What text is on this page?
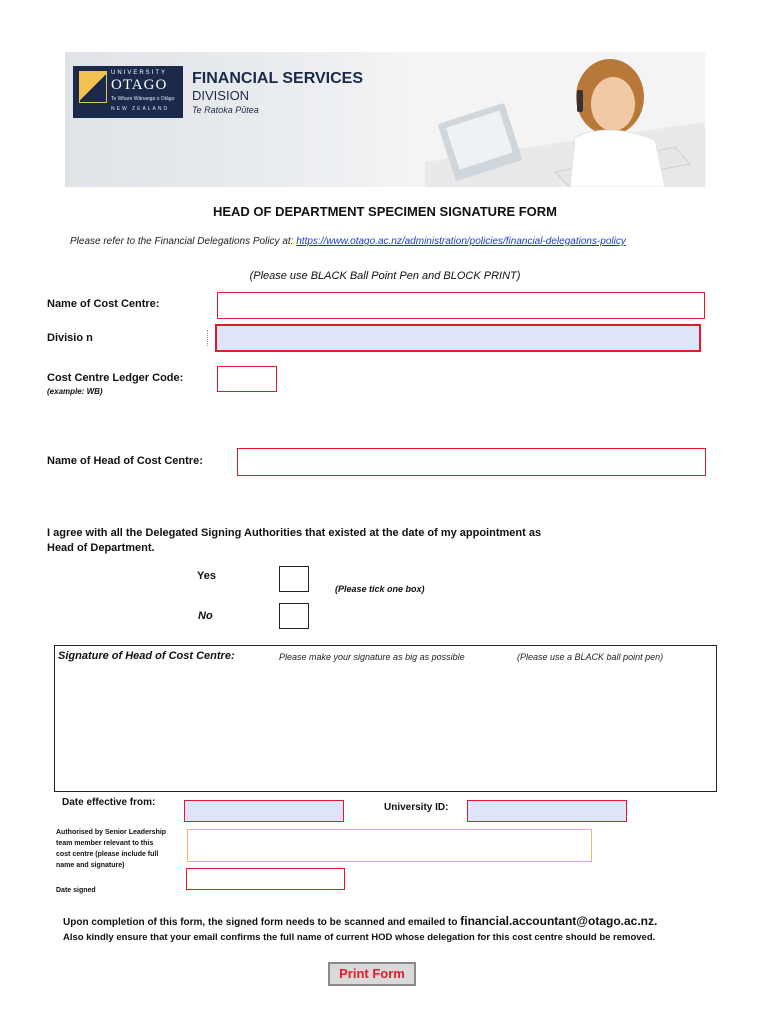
UNIVERSITY
OTAGO
Te Whare Wānanga o Otāgo
NEW ZEALAND
FINANCIAL SERVICES
DIVISION
Te Ratoka Pūtea
HEAD OF DEPARTMENT SPECIMEN SIGNATURE FORM
Please refer to the Financial Delegations Policy at: https://www.otago.ac.nz/administration/policies/financial-delegations-policy
(Please use BLACK Ball Point Pen and BLOCK PRINT)
Name of Cost Centre:
Divisio n
Cost Centre Ledger Code:
(example: WB)
Name of Head of Cost Centre:
I agree with all the Delegated Signing Authorities that existed at the date of my appointment as
Head of Department.
Yes
(Please tick one box)
No
Signature of Head of Cost Centre:	Please make your signature as big as possible	(Please use a BLACK ball point pen)
Date effective from:	University ID:
Authorised by Senior Leadership
team member relevant to this
cost centre (please include full
name and signature)
Date signed
Upon completion of this form, the signed form needs to be scanned and emailed to financial.accountant@otago.ac.nz.
Also kindly ensure that your email confirms the full name of current HOD whose delegation for this cost centre should be removed.
Print Form
